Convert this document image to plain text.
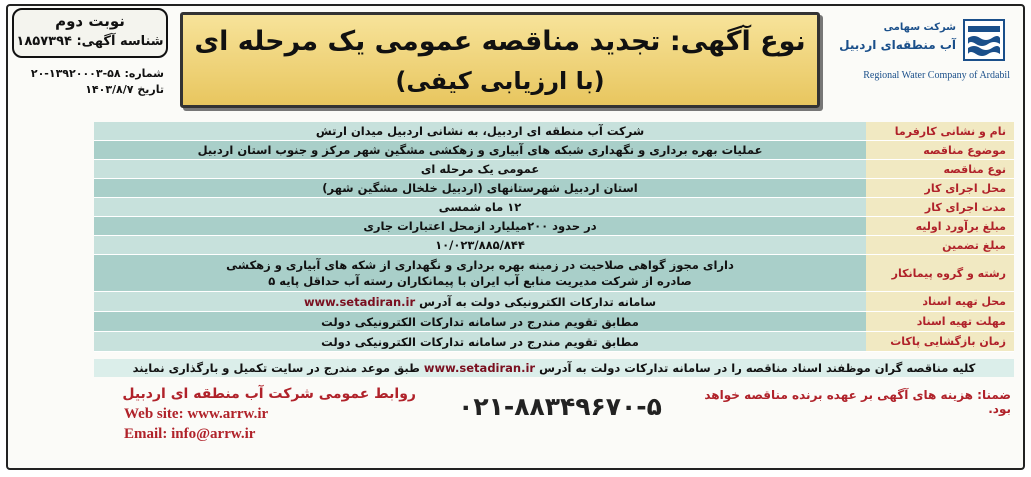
نوبت دوم
شناسه آگهی: ۱۸۵۷۳۹۴
شماره: ۵۸-۱۳۹۲۰۰۰۳-۲۰
تاریخ ۱۴۰۳/۸/۷
نوع آگهی: تجدید مناقصه عمومی یک مرحله ای
(با ارزیابی کیفی)
شرکت سهامی
آب منطقه‌ای اردبیل
Regional Water Company of Ardabil
نام و نشانی کارفرما
شرکت آب منطقه ای اردبیل، به نشانی اردبیل میدان ارتش
موضوع مناقصه
عملیات بهره برداری و نگهداری شبکه های آبیاری و زهکشی مشگین شهر مرکز و جنوب استان اردبیل
نوع مناقصه
عمومی یک مرحله ای
محل اجرای کار
استان اردبیل شهرستانهای (اردبیل خلخال مشگین شهر)
مدت اجرای کار
۱۲ ماه شمسی
مبلغ برآورد اولیه
در حدود ۲۰۰میلیارد ازمحل اعتبارات جاری
مبلغ تضمین
۱۰/۰۲۳/۸۸۵/۸۴۴
رشته و گروه پیمانکار
دارای مجوز گواهی صلاحیت در زمینه بهره برداری و نگهداری از شکه های آبیاری و زهکشی
صادره از شرکت مدیریت منابع آب ایران با پیمانکاران رسته آب حداقل پایه ۵
محل تهیه اسناد
سامانه تدارکات الکترونیکی دولت به آدرس

www.setadiran.ir
مهلت تهیه اسناد
مطابق تقویم مندرج در سامانه تدارکات الکترونیکی دولت
زمان بازگشایی پاکات
مطابق تقویم مندرج در سامانه تدارکات الکترونیکی دولت
کلیه مناقصه گران موظفند اسناد مناقصه را در سامانه تدارکات دولت به آدرس www.setadiran.ir طبق موعد مندرج در سایت تکمیل و بارگذاری نمایند
روابط عمومی شرکت آب منطقه ای اردبیل
Web site: www.arrw.ir
Email: info@arrw.ir
۰۲۱-۸۸۳۴۹۶۷۰-۵	ضمنا: هزینه های آگهی بر عهده برنده مناقصه خواهد بود.
